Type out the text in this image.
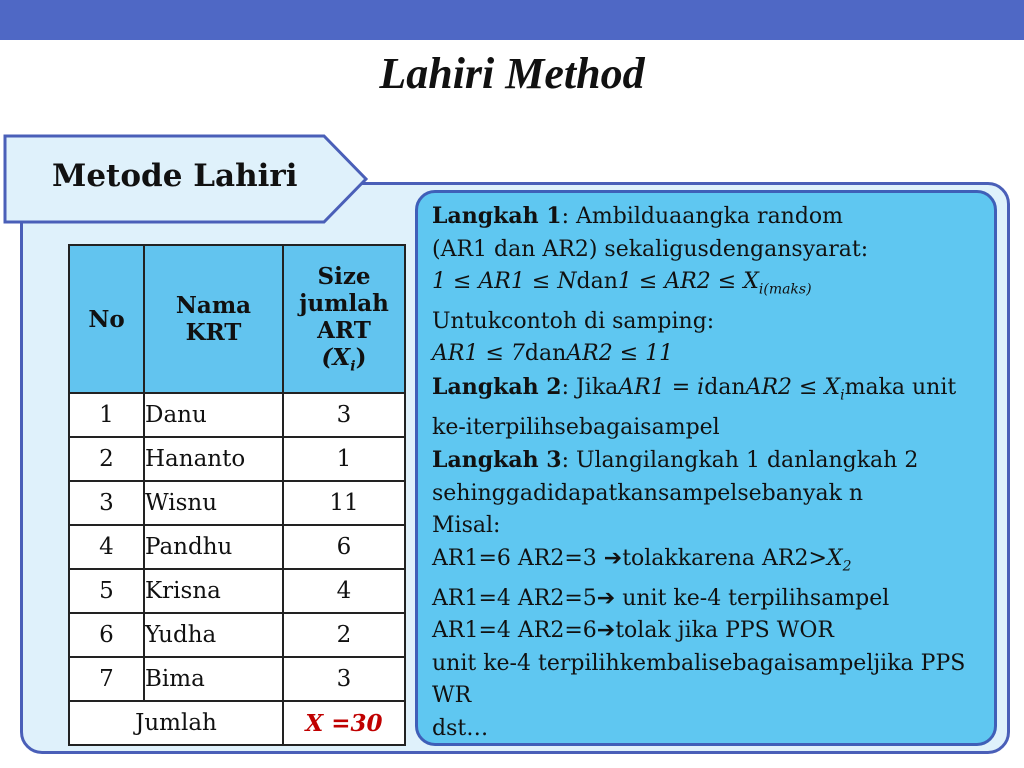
Lahiri Method
Metode Lahiri
No	Nama KRT	Size
jumlah
ART
$(X_i)$

1	Danu	3
2	Hananto	1
3	Wisnu	11
4	Pandhu	6
5	Krisna	4
6	Yudha	2
7	Bima	3
Jumlah		X =30
Langkah 1: Ambilduaangka random
(AR1 dan AR2) sekaligusdengansyarat:
1 ≤ AR1 ≤ Ndan1 ≤ $AR2 \le X_{i(maks)}$
Untukcontoh di samping:
AR1 ≤ 7danAR2 ≤ 11
Langkah 2: JikaAR1 = idanAR2 ≤ $X_imaka$ unit
ke-iterpilihsebagaisampel
Langkah 3: Ulangilangkah 1 danlangkah 2
sehinggadidapatkansampelsebanyak n
Misal:
AR1=6 AR2=3 ➔tolakkarena $AR2>X_2$
AR1=4 AR2=5➔ unit ke-4 terpilihsampel
AR1=4 AR2=6➔tolak jika PPS WOR
unit ke-4 terpilihkembalisebagaisampeljika PPS
WR
dst…
